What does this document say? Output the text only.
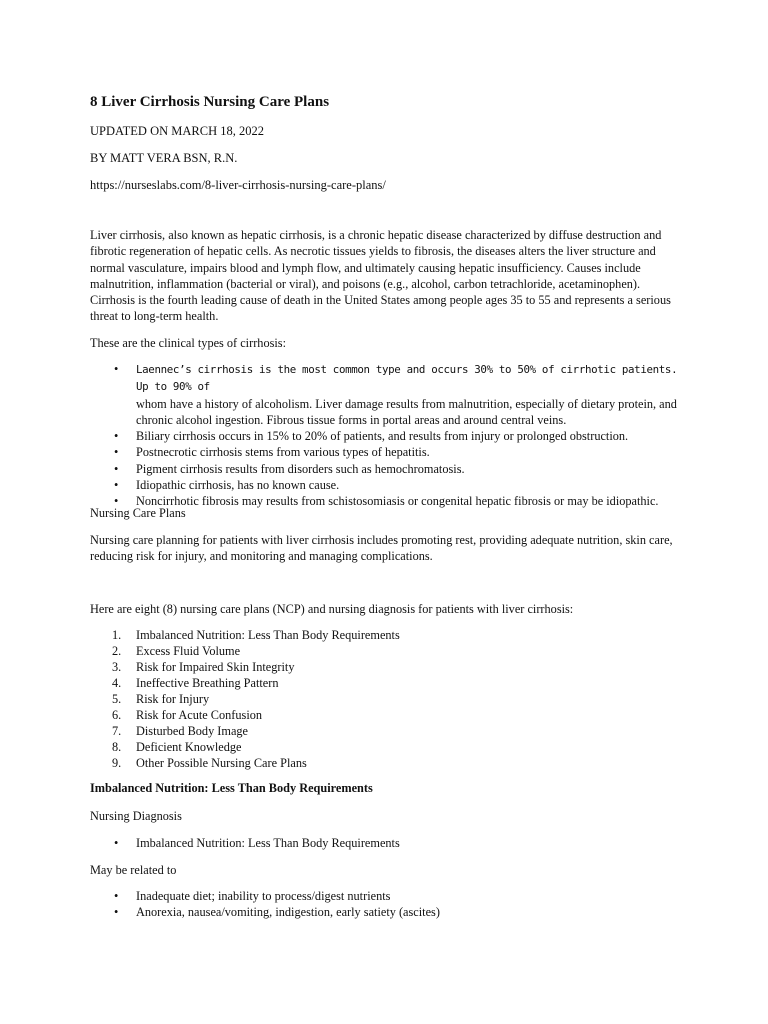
8 Liver Cirrhosis Nursing Care Plans

UPDATED ON MARCH 18, 2022

BY MATT VERA BSN, R.N.

https://nurseslabs.com/8-liver-cirrhosis-nursing-care-plans/

Liver cirrhosis, also known as hepatic cirrhosis, is a chronic hepatic disease characterized by diffuse destruction and fibrotic regeneration of hepatic cells. As necrotic tissues yields to fibrosis, the diseases alters the liver structure and normal vasculature, impairs blood and lymph flow, and ultimately causing hepatic insufficiency. Causes include malnutrition, inflammation (bacterial or viral), and poisons (e.g., alcohol, carbon tetrachloride, acetaminophen). Cirrhosis is the fourth leading cause of death in the United States among people ages 35 to 55 and represents a serious threat to long-term health.

These are the clinical types of cirrhosis:

• Laennec’s cirrhosis is the most common type and occurs 30% to 50% of cirrhotic patients. Up to 90% of
whom have a history of alcoholism. Liver damage results from malnutrition, especially of dietary protein, and chronic alcohol ingestion. Fibrous tissue forms in portal areas and around central veins.
• Biliary cirrhosis occurs in 15% to 20% of patients, and results from injury or prolonged obstruction.
• Postnecrotic cirrhosis stems from various types of hepatitis.
• Pigment cirrhosis results from disorders such as hemochromatosis.
• Idiopathic cirrhosis, has no known cause.
• Noncirrhotic fibrosis may results from schistosomiasis or congenital hepatic fibrosis or may be idiopathic.

Nursing Care Plans

Nursing care planning for patients with liver cirrhosis includes promoting rest, providing adequate nutrition, skin care, reducing risk for injury, and monitoring and managing complications.

Here are eight (8) nursing care plans (NCP) and nursing diagnosis for patients with liver cirrhosis:

1. Imbalanced Nutrition: Less Than Body Requirements
2. Excess Fluid Volume
3. Risk for Impaired Skin Integrity
4. Ineffective Breathing Pattern
5. Risk for Injury
6. Risk for Acute Confusion
7. Disturbed Body Image
8. Deficient Knowledge
9. Other Possible Nursing Care Plans

Imbalanced Nutrition: Less Than Body Requirements

Nursing Diagnosis

• Imbalanced Nutrition: Less Than Body Requirements

May be related to

• Inadequate diet; inability to process/digest nutrients
• Anorexia, nausea/vomiting, indigestion, early satiety (ascites)
